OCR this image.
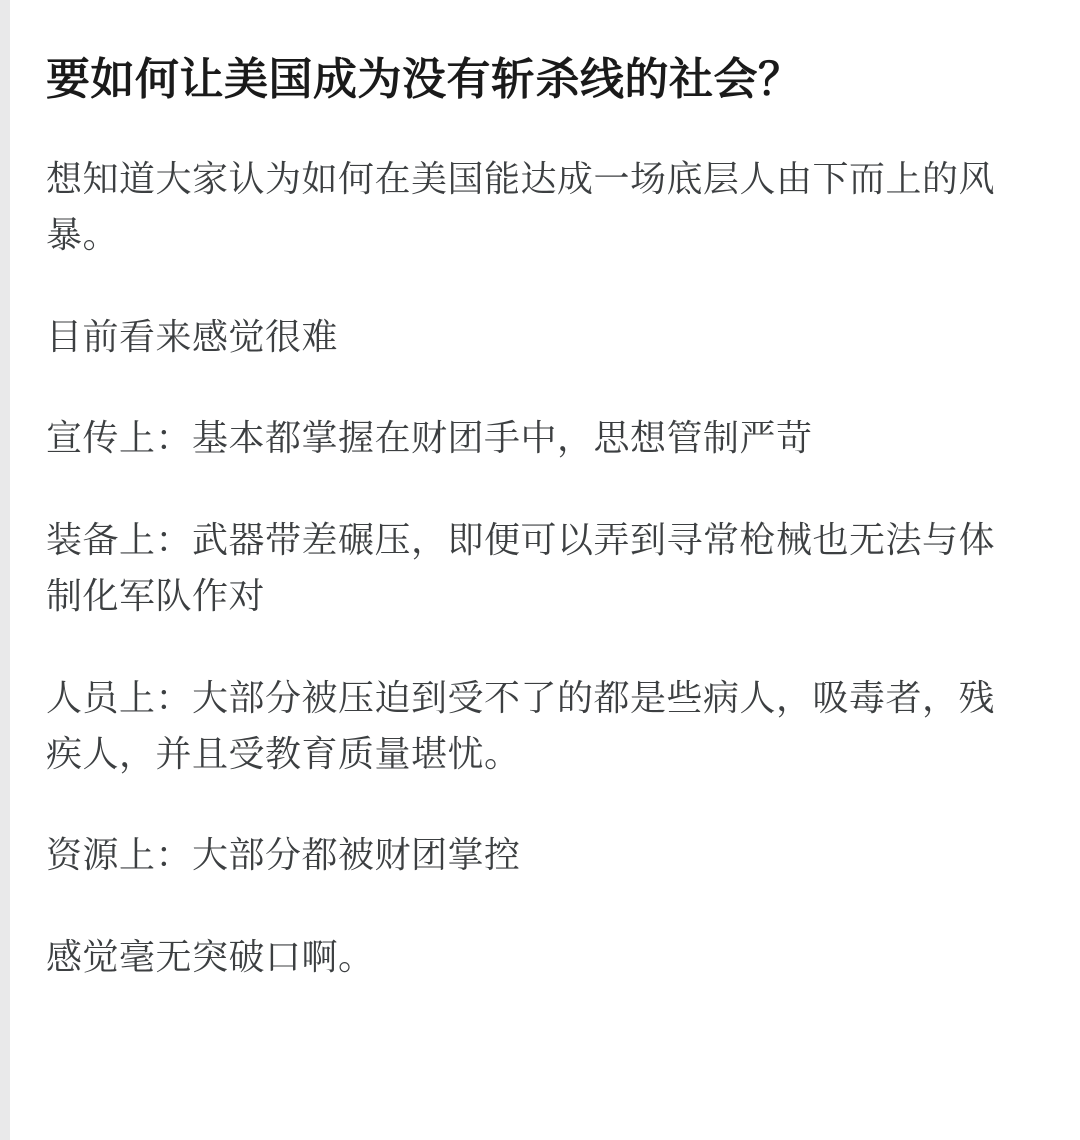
要如何让美国成为没有斩杀线的社会？

想知道大家认为如何在美国能达成一场底层人由下而上的风暴。

目前看来感觉很难

宣传上：基本都掌握在财团手中，思想管制严苛

装备上：武器带差碾压，即便可以弄到寻常枪械也无法与体制化军队作对

人员上：大部分被压迫到受不了的都是些病人，吸毒者，残疾人，并且受教育质量堪忧。

资源上：大部分都被财团掌控

感觉毫无突破口啊。
